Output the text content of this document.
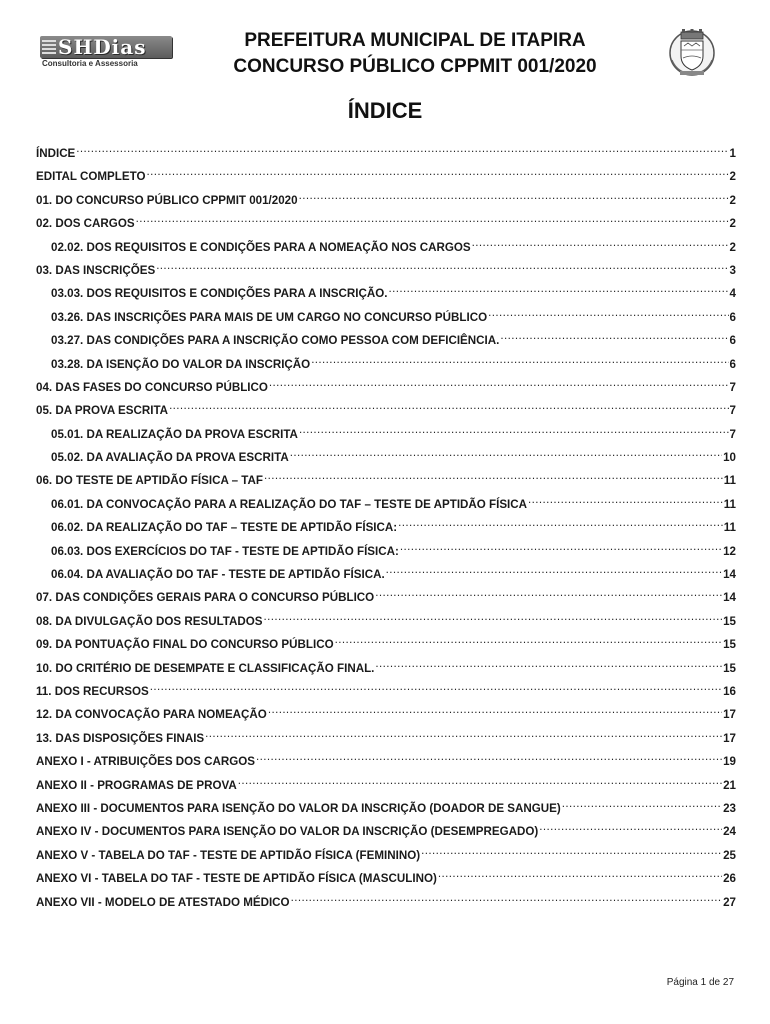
SHDias
Consultoria e Assessoria
PREFEITURA MUNICIPAL DE ITAPIRA
CONCURSO PÚBLICO CPPMIT 001/2020
ÍNDICE
ÍNDICE .....	1
EDITAL COMPLETO .....	2
01. DO CONCURSO PÚBLICO CPPMIT 001/2020 .....	2
02. DOS CARGOS .....	2
02.02. DOS REQUISITOS E CONDIÇÕES PARA A NOMEAÇÃO NOS CARGOS .....	2
03. DAS INSCRIÇÕES .....	3
03.03. DOS REQUISITOS E CONDIÇÕES PARA A INSCRIÇÃO. .....	4
03.26. DAS INSCRIÇÕES PARA MAIS DE UM CARGO NO CONCURSO PÚBLICO .....	6
03.27. DAS CONDIÇÕES PARA A INSCRIÇÃO COMO PESSOA COM DEFICIÊNCIA. .....	6
03.28. DA ISENÇÃO DO VALOR DA INSCRIÇÃO .....	6
04. DAS FASES DO CONCURSO PÚBLICO .....	7
05. DA PROVA ESCRITA .....	7
05.01. DA REALIZAÇÃO DA PROVA ESCRITA .....	7
05.02. DA AVALIAÇÃO DA PROVA ESCRITA .....	10
06. DO TESTE DE APTIDÃO FÍSICA – TAF .....	11
06.01. DA CONVOCAÇÃO PARA A REALIZAÇÃO DO TAF – TESTE DE APTIDÃO FÍSICA .....	11
06.02. DA REALIZAÇÃO DO TAF – TESTE DE APTIDÃO FÍSICA: .....	11
06.03. DOS EXERCÍCIOS DO TAF - TESTE DE APTIDÃO FÍSICA: .....	12
06.04. DA AVALIAÇÃO DO TAF - TESTE DE APTIDÃO FÍSICA. .....	14
07. DAS CONDIÇÕES GERAIS PARA O CONCURSO PÚBLICO .....	14
08. DA DIVULGAÇÃO DOS RESULTADOS .....	15
09. DA PONTUAÇÃO FINAL DO CONCURSO PÚBLICO .....	15
10. DO CRITÉRIO DE DESEMPATE E CLASSIFICAÇÃO FINAL. .....	15
11. DOS RECURSOS .....	16
12. DA CONVOCAÇÃO PARA NOMEAÇÃO .....	17
13. DAS DISPOSIÇÕES FINAIS .....	17
ANEXO I - ATRIBUIÇÕES DOS CARGOS .....	19
ANEXO II - PROGRAMAS DE PROVA .....	21
ANEXO III - DOCUMENTOS PARA ISENÇÃO DO VALOR DA INSCRIÇÃO (DOADOR DE SANGUE) .....	23
ANEXO IV - DOCUMENTOS PARA ISENÇÃO DO VALOR DA INSCRIÇÃO (DESEMPREGADO) .....	24
ANEXO V - TABELA DO TAF - TESTE DE APTIDÃO FÍSICA (FEMININO) .....	25
ANEXO VI - TABELA DO TAF - TESTE DE APTIDÃO FÍSICA (MASCULINO) .....	26
ANEXO VII - MODELO DE ATESTADO MÉDICO .....	27
Página 1 de 27
